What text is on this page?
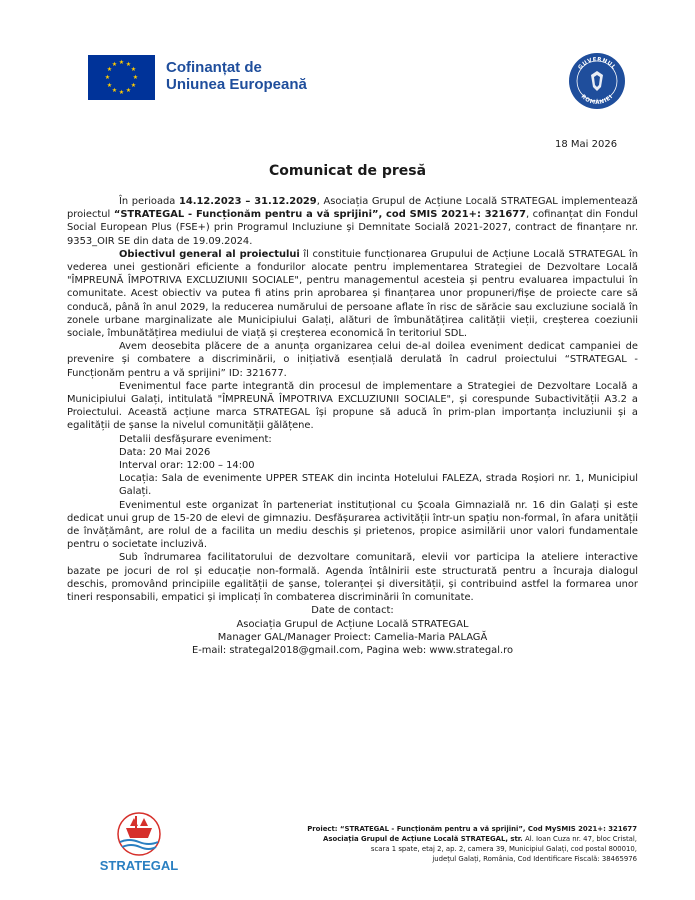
★ ★
★
★
★
★
★
★
★
★
★
★	Cofinanțat de
Uniunea Europeană
GUVERNUL
ROMÂNIEI
18 Mai 2026
Comunicat de presă

În perioada 14.12.2023 – 31.12.2029, Asociația Grupul de Acțiune Locală STRATEGAL implementează proiectul “STRATEGAL - Funcționăm pentru a vă sprijini”, cod SMIS 2021+: 321677, cofinanțat din Fondul Social European Plus (FSE+) prin Programul Incluziune și Demnitate Socială 2021-2027, contract de finanțare nr. 9353_OIR SE din data de 19.09.2024.

Obiectivul general al proiectului îl constituie funcționarea Grupului de Acțiune Locală STRATEGAL în vederea unei gestionări eficiente a fondurilor alocate pentru implementarea Strategiei de Dezvoltare Locală "ÎMPREUNĂ ÎMPOTRIVA EXCLUZIUNII SOCIALE", pentru managementul acesteia și pentru evaluarea impactului în comunitate. Acest obiectiv va putea fi atins prin aprobarea și finanțarea unor propuneri/fișe de proiecte care să conducă, până în anul 2029, la reducerea numărului de persoane aflate în risc de sărăcie sau excluziune socială în zonele urbane marginalizate ale Municipiului Galați, alături de îmbunătățirea calității vieții, creșterea coeziunii sociale, îmbunătățirea mediului de viață și creșterea economică în teritoriul SDL.

Avem deosebita plăcere de a anunța organizarea celui de-al doilea eveniment dedicat campaniei de prevenire și combatere a discriminării, o inițiativă esențială derulată în cadrul proiectului “STRATEGAL - Funcționăm pentru a vă sprijini” ID: 321677.

Evenimentul face parte integrantă din procesul de implementare a Strategiei de Dezvoltare Locală a Municipiului Galați, intitulată "ÎMPREUNĂ ÎMPOTRIVA EXCLUZIUNII SOCIALE", și corespunde Subactivității A3.2 a Proiectului. Această acțiune marca STRATEGAL își propune să aducă în prim-plan importanța incluziunii și a egalității de șanse la nivelul comunității gălățene.

Detalii desfășurare eveniment:

Data: 20 Mai 2026

Interval orar: 12:00 – 14:00

Locația: Sala de evenimente UPPER STEAK din incinta Hotelului FALEZA, strada Roșiori nr. 1, Municipiul Galați.

Evenimentul este organizat în parteneriat instituțional cu Școala Gimnazială nr. 16 din Galați și este dedicat unui grup de 15-20 de elevi de gimnaziu. Desfășurarea activității într-un spațiu non-formal, în afara unității de învățământ, are rolul de a facilita un mediu deschis și prietenos, propice asimilării unor valori fundamentale pentru o societate incluzivă.

Sub îndrumarea facilitatorului de dezvoltare comunitară, elevii vor participa la ateliere interactive bazate pe jocuri de rol și educație non-formală. Agenda întâlnirii este structurată pentru a încuraja dialogul deschis, promovând principiile egalității de șanse, toleranței și diversității, și contribuind astfel la formarea unor tineri responsabili, empatici și implicați în combaterea discriminării în comunitate.

Date de contact:

Asociația Grupul de Acțiune Locală STRATEGAL

Manager GAL/Manager Proiect: Camelia-Maria PALAGĂ

E-mail: strategal2018@gmail.com, Pagina web: www.strategal.ro

STRATEGAL
Proiect: “STRATEGAL - Funcționăm pentru a vă sprijini”, Cod MySMIS 2021+: 321677
Asociația Grupul de Acțiune Locală STRATEGAL, str. Al. Ioan Cuza nr. 47, bloc Cristal,
scara 1 spate, etaj 2, ap. 2, camera 39, Municipiul Galați, cod postal 800010,
județul Galați, România, Cod Identificare Fiscală: 38465976
